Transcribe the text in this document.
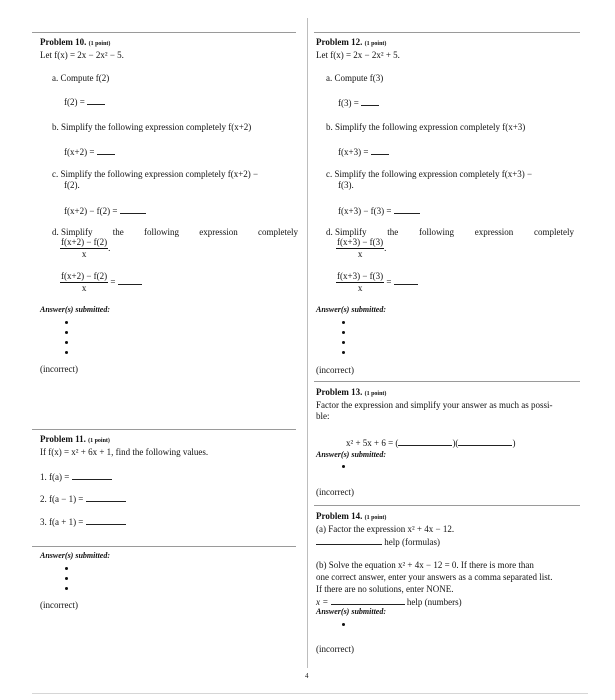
Problem 10. (1 point)
Let f(x) = 2x − 2x² − 5.
a. Compute f(2)
f(2) =
b. Simplify the following expression completely f(x+2)
f(x+2) =
c. Simplify the following expression completely f(x+2) −
f(2).
f(x+2) − f(2) =
d. Simplify the following expression completely
$\frac{f(x+2) - f(2)}{x}$ .
$\frac{f(x+2) - f(2)}{x}$ =
Answer(s) submitted:
(incorrect)
Problem 11. (1 point)
If f(x) = x² + 6x + 1, find the following values.
1. f(a) =
2. f(a − 1) =
3. f(a + 1) =
Answer(s) submitted:
(incorrect)
Problem 12. (1 point)
Let f(x) = 2x − 2x² + 5.
a. Compute f(3)
f(3) =
b. Simplify the following expression completely f(x+3)
f(x+3) =
c. Simplify the following expression completely f(x+3) −
f(3).
f(x+3) − f(3) =
d. Simplify the following expression completely
$\frac{f(x+3) - f(3)}{x}$ .
$\frac{f(x+3) - f(3)}{x}$ =
Answer(s) submitted:
(incorrect)
Problem 13. (1 point)
Factor the expression and simplify your answer as much as possi-
ble:
x² + 5x + 6 = (	)(	)
Answer(s) submitted:
(incorrect)
Problem 14. (1 point)
(a) Factor the expression x² + 4x − 12.
help (formulas)
(b) Solve the equation x² + 4x − 12 = 0. If there is more than
one correct answer, enter your answers as a comma separated list.
If there are no solutions, enter NONE.
x =	help (numbers)
Answer(s) submitted:
(incorrect)
4
